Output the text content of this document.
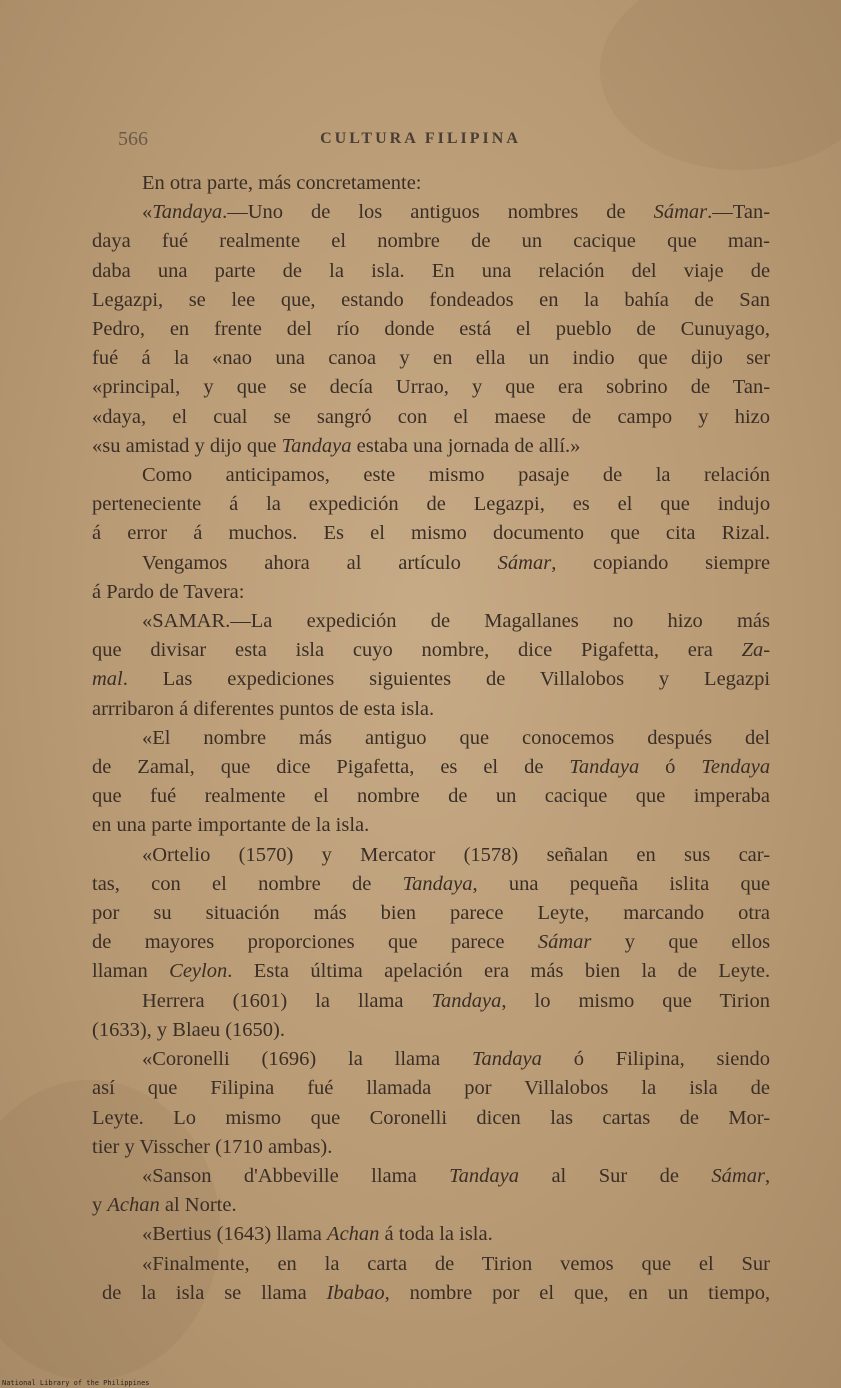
566	CULTURA FILIPINA

En otra parte, más concretamente:
«Tandaya.—Uno de los antiguos nombres de Sámar.—Tan-
daya fué realmente el nombre de un cacique que man-
daba una parte de la isla. En una relación del viaje de
Legazpi, se lee que, estando fondeados en la bahía de San
Pedro, en frente del río donde está el pueblo de Cunuyago,
fué á la «nao una canoa y en ella un indio que dijo ser
«principal, y que se decía Urrao, y que era sobrino de Tan-
«daya, el cual se sangró con el maese de campo y hizo
«su amistad y dijo que Tandaya estaba una jornada de allí.»
Como anticipamos, este mismo pasaje de la relación
perteneciente á la expedición de Legazpi, es el que indujo
á error á muchos. Es el mismo documento que cita Rizal.
Vengamos ahora al artículo Sámar, copiando siempre
á Pardo de Tavera:
«SAMAR.—La expedición de Magallanes no hizo más
que divisar esta isla cuyo nombre, dice Pigafetta, era Za-
mal. Las expediciones siguientes de Villalobos y Legazpi
arrribaron á diferentes puntos de esta isla.
«El nombre más antiguo que conocemos después del
de Zamal, que dice Pigafetta, es el de Tandaya ó Tendaya
que fué realmente el nombre de un cacique que imperaba
en una parte importante de la isla.
«Ortelio (1570) y Mercator (1578) señalan en sus car-
tas, con el nombre de Tandaya, una pequeña islita que
por su situación más bien parece Leyte, marcando otra
de mayores proporciones que parece Sámar y que ellos
llaman Ceylon. Esta última apelación era más bien la de Leyte.
Herrera (1601) la llama Tandaya, lo mismo que Tirion
(1633), y Blaeu (1650).
«Coronelli (1696) la llama Tandaya ó Filipina, siendo
así que Filipina fué llamada por Villalobos la isla de
Leyte. Lo mismo que Coronelli dicen las cartas de Mor-
tier y Visscher (1710 ambas).
«Sanson d'Abbeville llama Tandaya al Sur de Sámar,
y Achan al Norte.
«Bertius (1643) llama Achan á toda la isla.
«Finalmente, en la carta de Tirion vemos que el Sur
de la isla se llama Ibabao, nombre por el que, en un tiempo,

National Library of the Philippines
